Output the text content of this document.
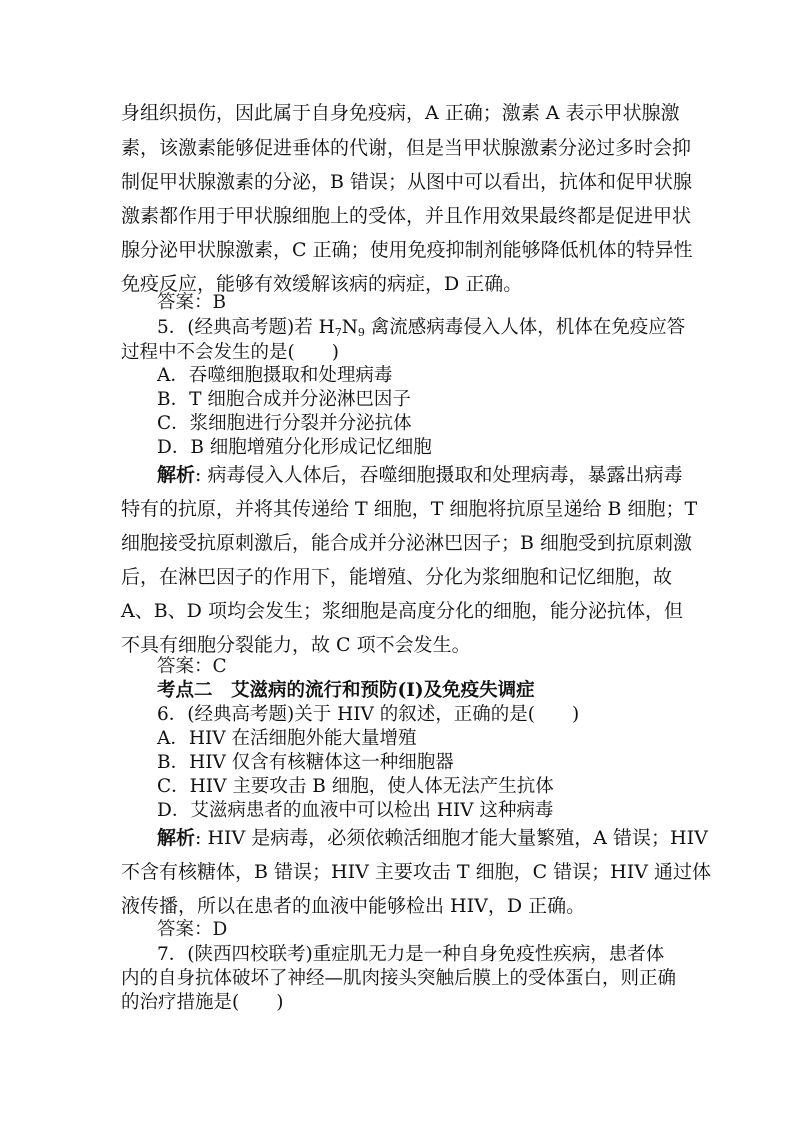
身组织损伤，因此属于自身免疫病，A 正确；激素 A 表示甲状腺激
素，该激素能够促进垂体的代谢，但是当甲状腺激素分泌过多时会抑
制促甲状腺激素的分泌，B 错误；从图中可以看出，抗体和促甲状腺
激素都作用于甲状腺细胞上的受体，并且作用效果最终都是促进甲状
腺分泌甲状腺激素，C 正确；使用免疫抑制剂能够降低机体的特异性
免疫反应，能够有效缓解该病的病症，D 正确。
答案：B
5．(经典高考题)若 $H_7N_9$ 禽流感病毒侵入人体，机体在免疫应答
过程中不会发生的是(　　)
A．吞噬细胞摄取和处理病毒
B．T 细胞合成并分泌淋巴因子
C．浆细胞进行分裂并分泌抗体
D．B 细胞增殖分化形成记忆细胞
解析: 病毒侵入人体后，吞噬细胞摄取和处理病毒，暴露出病毒
特有的抗原，并将其传递给 T 细胞，T 细胞将抗原呈递给 B 细胞；T
细胞接受抗原刺激后，能合成并分泌淋巴因子；B 细胞受到抗原刺激
后，在淋巴因子的作用下，能增殖、分化为浆细胞和记忆细胞，故
A、B、D 项均会发生；浆细胞是高度分化的细胞，能分泌抗体，但
不具有细胞分裂能力，故 C 项不会发生。
答案：C
考点二　艾滋病的流行和预防(Ⅰ)及免疫失调症
6．(经典高考题)关于 HIV 的叙述，正确的是(　　)
A．HIV 在活细胞外能大量增殖
B．HIV 仅含有核糖体这一种细胞器
C．HIV 主要攻击 B 细胞，使人体无法产生抗体
D．艾滋病患者的血液中可以检出 HIV 这种病毒
解析: HIV 是病毒，必须依赖活细胞才能大量繁殖，A 错误；HIV
不含有核糖体，B 错误；HIV 主要攻击 T 细胞，C 错误；HIV 通过体
液传播，所以在患者的血液中能够检出 HIV，D 正确。
答案：D
7．(陕西四校联考)重症肌无力是一种自身免疫性疾病，患者体
内的自身抗体破坏了神经—肌肉接头突触后膜上的受体蛋白，则正确
的治疗措施是(　　)
